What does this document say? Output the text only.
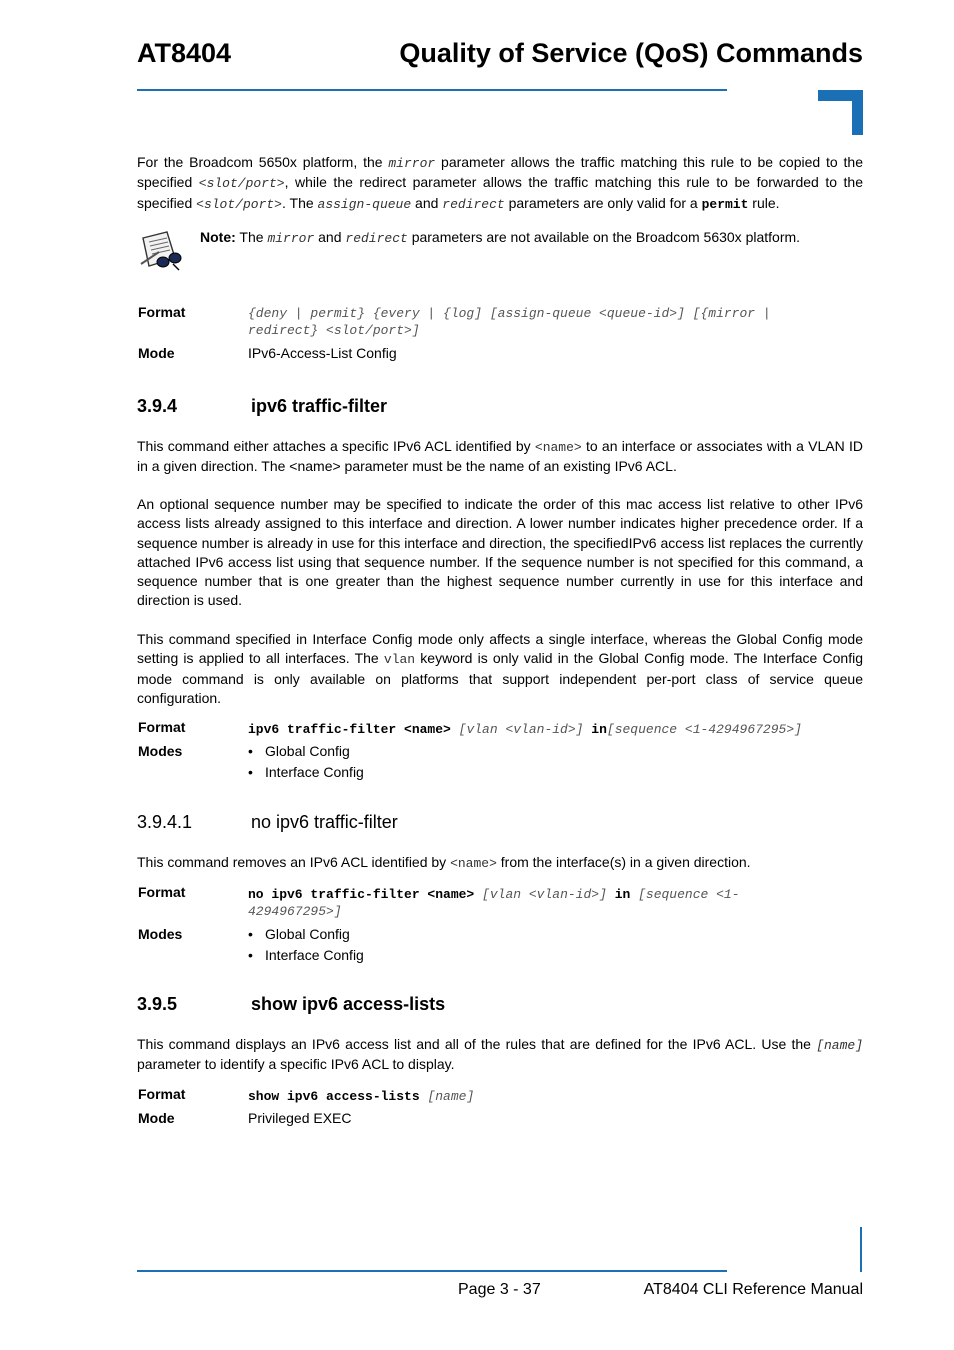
AT8404	Quality of Service (QoS) Commands
For the Broadcom 5650x platform, the mirror parameter allows the traffic matching this rule to be copied to the specified <slot/port>, while the redirect parameter allows the traffic matching this rule to be forwarded to the specified <slot/port>. The assign-queue and redirect parameters are only valid for a permit rule.
Note: The mirror and redirect parameters are not available on the Broadcom 5630x platform.
Format	{deny | permit} {every | {log] [assign-queue <queue-id>] [{mirror |
redirect} <slot/port>]
Mode	IPv6-Access-List Config
3.9.4	ipv6 traffic-filter
This command either attaches a specific IPv6 ACL identified by <name> to an interface or associates with a VLAN ID in a given direction. The <name> parameter must be the name of an existing IPv6 ACL.
An optional sequence number may be specified to indicate the order of this mac access list relative to other IPv6 access lists already assigned to this interface and direction. A lower number indicates higher precedence order. If a sequence number is already in use for this interface and direction, the specifiedIPv6 access list replaces the currently attached IPv6 access list using that sequence number. If the sequence number is not specified for this command, a sequence number that is one greater than the highest sequence number currently in use for this interface and direction is used.
This command specified in Interface Config mode only affects a single interface, whereas the Global Config mode setting is applied to all interfaces. The vlan keyword is only valid in the Global Config mode. The Interface Config mode command is only available on platforms that support independent per-port class of service queue configuration.
Format	ipv6 traffic-filter <name> [vlan <vlan-id>] in[sequence <1-4294967295>]
Modes	• Global Config
• Interface Config
3.9.4.1	no ipv6 traffic-filter
This command removes an IPv6 ACL identified by <name> from the interface(s) in a given direction.
Format	no ipv6 traffic-filter <name> [vlan <vlan-id>] in [sequence <1-
4294967295>]
Modes	• Global Config
• Interface Config
3.9.5	show ipv6 access-lists
This command displays an IPv6 access list and all of the rules that are defined for the IPv6 ACL. Use the [name] parameter to identify a specific IPv6 ACL to display.
Format	show ipv6 access-lists [name]
Mode	Privileged EXEC
Page 3 - 37	AT8404 CLI Reference Manual
